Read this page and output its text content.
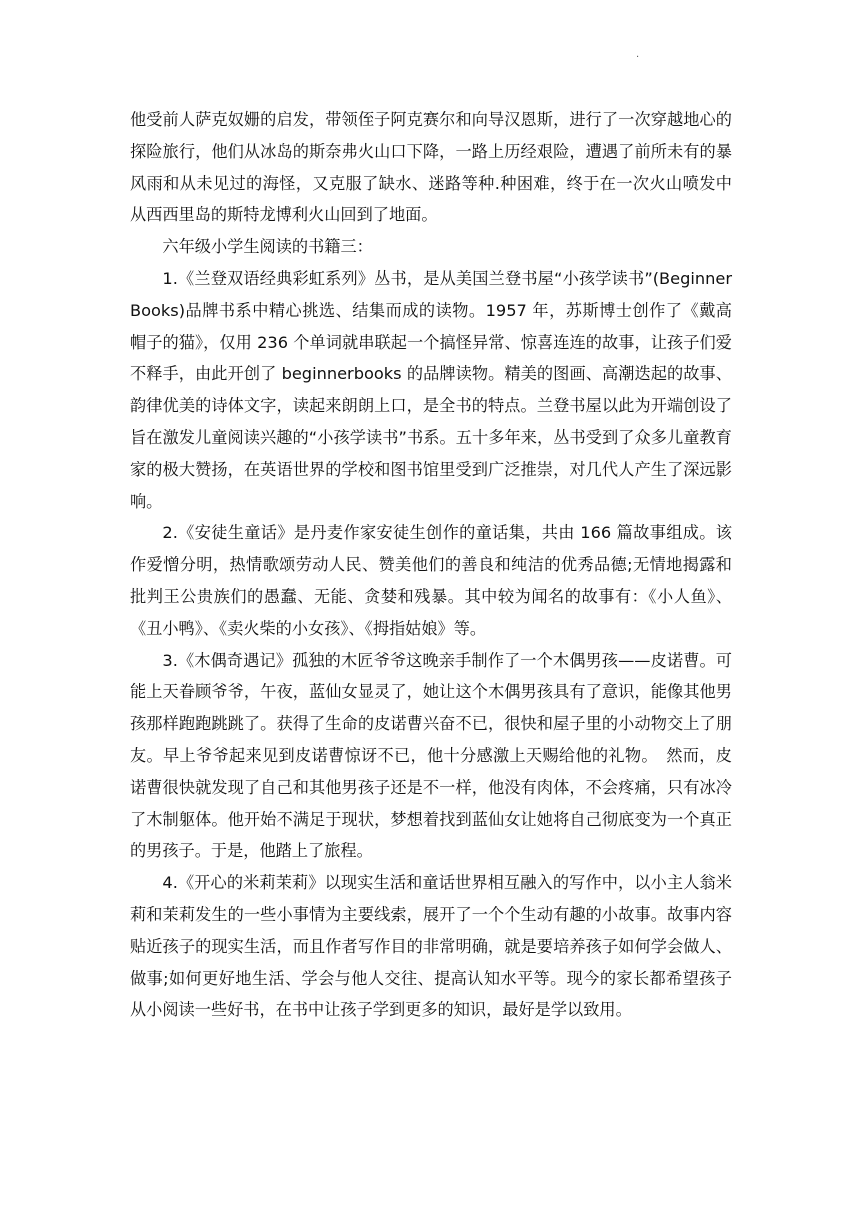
·

他受前人萨克奴姗的启发，带领侄子阿克赛尔和向导汉恩斯，进行了一次穿越地心的探险旅行，他们从冰岛的斯奈弗火山口下降，一路上历经艰险，遭遇了前所未有的暴风雨和从未见过的海怪，又克服了缺水、迷路等种.种困难，终于在一次火山喷发中从西西里岛的斯特龙博利火山回到了地面。

六年级小学生阅读的书籍三：

1.《兰登双语经典彩虹系列》丛书，是从美国兰登书屋“小孩学读书”(BeginnerBooks)品牌书系中精心挑选、结集而成的读物。1957 年，苏斯博士创作了《戴高帽子的猫》，仅用 236 个单词就串联起一个搞怪异常、惊喜连连的故事，让孩子们爱不释手，由此开创了 beginnerbooks 的品牌读物。精美的图画、高潮迭起的故事、韵律优美的诗体文字，读起来朗朗上口，是全书的特点。兰登书屋以此为开端创设了旨在激发儿童阅读兴趣的“小孩学读书”书系。五十多年来，丛书受到了众多儿童教育家的极大赞扬，在英语世界的学校和图书馆里受到广泛推崇，对几代人产生了深远影响。

2.《安徒生童话》是丹麦作家安徒生创作的童话集，共由 166 篇故事组成。该作爱憎分明，热情歌颂劳动人民、赞美他们的善良和纯洁的优秀品德;无情地揭露和批判王公贵族们的愚蠢、无能、贪婪和残暴。其中较为闻名的故事有：《小人鱼》、《丑小鸭》、《卖火柴的小女孩》、《拇指姑娘》等。

3.《木偶奇遇记》孤独的木匠爷爷这晚亲手制作了一个木偶男孩——皮诺曹。可能上天眷顾爷爷，午夜，蓝仙女显灵了，她让这个木偶男孩具有了意识，能像其他男孩那样跑跑跳跳了。获得了生命的皮诺曹兴奋不已，很快和屋子里的小动物交上了朋友。早上爷爷起来见到皮诺曹惊讶不已，他十分感激上天赐给他的礼物。　然而，皮诺曹很快就发现了自己和其他男孩子还是不一样，他没有肉体，不会疼痛，只有冰冷了木制躯体。他开始不满足于现状，梦想着找到蓝仙女让她将自己彻底变为一个真正的男孩子。于是，他踏上了旅程。

4.《开心的米莉茉莉》以现实生活和童话世界相互融入的写作中，以小主人翁米莉和茉莉发生的一些小事情为主要线索，展开了一个个生动有趣的小故事。故事内容贴近孩子的现实生活，而且作者写作目的非常明确，就是要培养孩子如何学会做人、做事;如何更好地生活、学会与他人交往、提高认知水平等。现今的家长都希望孩子从小阅读一些好书，在书中让孩子学到更多的知识，最好是学以致用。
